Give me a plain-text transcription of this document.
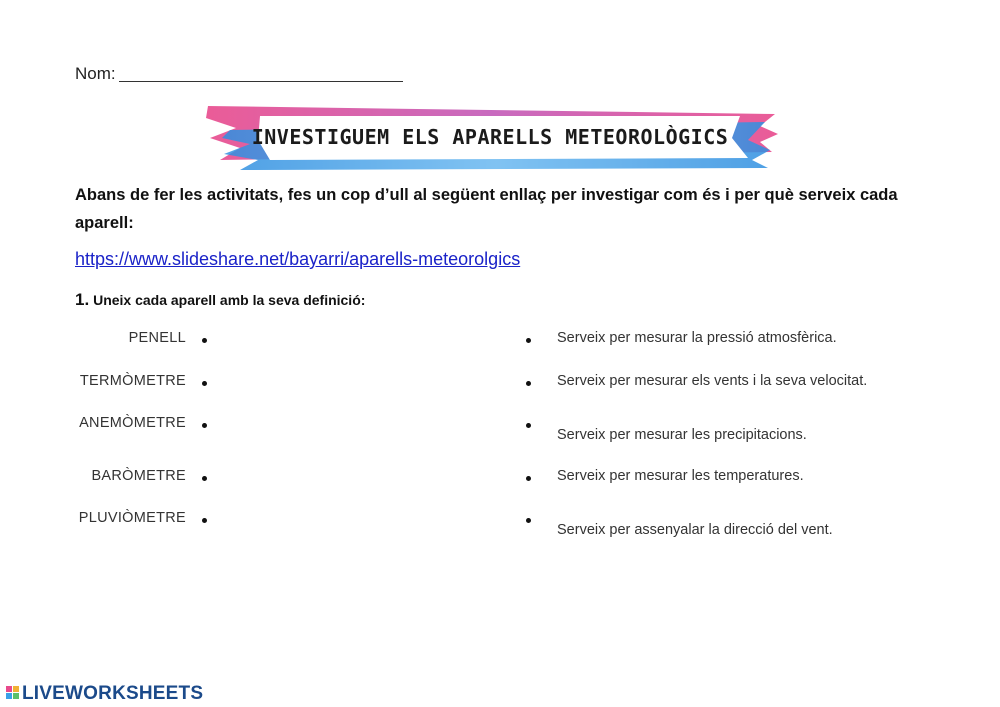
Nom:
INVESTIGUEM ELS APARELLS METEOROLÒGICS
Abans de fer les activitats, fes un cop d’ull al següent enllaç per investigar com és i per què serveix cada aparell:
https://www.slideshare.net/bayarri/aparells-meteorolgics
1. Uneix cada aparell amb la seva definició:
PENELL
TERMÒMETRE
ANEMÒMETRE
BARÒMETRE
PLUVIÒMETRE
Serveix per mesurar la pressió atmosfèrica.
Serveix per mesurar els vents i la seva velocitat.
Serveix per mesurar les precipitacions.
Serveix per mesurar les temperatures.
Serveix per assenyalar la direcció del vent.
LIVEWORKSHEETS
